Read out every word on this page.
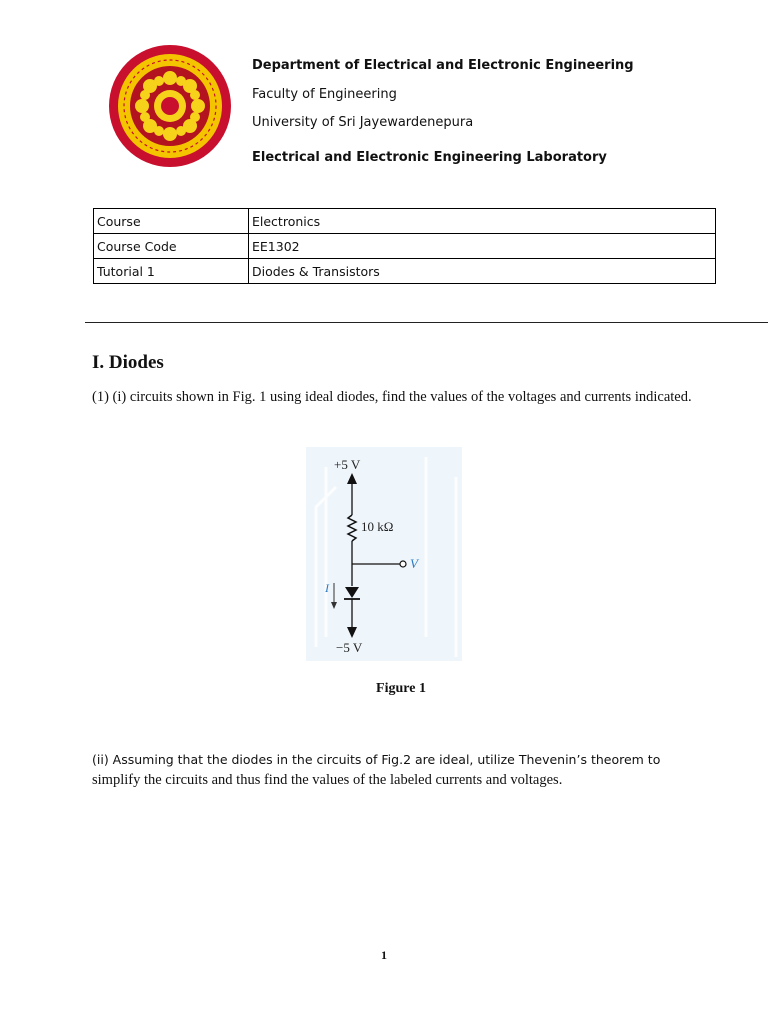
Department of Electrical and Electronic Engineering
Faculty of Engineering
University of Sri Jayewardenepura
Electrical and Electronic Engineering Laboratory
Course	Electronics
Course Code	EE1302
Tutorial 1	Diodes & Transistors
I. Diodes
(1) (i) circuits shown in Fig. 1 using ideal diodes, find the values of the voltages and currents indicated.
+5 V
10 kΩ
V
I
−5 V
Figure 1
(ii) Assuming that the diodes in the circuits of Fig.2 are ideal, utilize Thevenin’s theorem to
simplify the circuits and thus find the values of the labeled currents and voltages.
1
